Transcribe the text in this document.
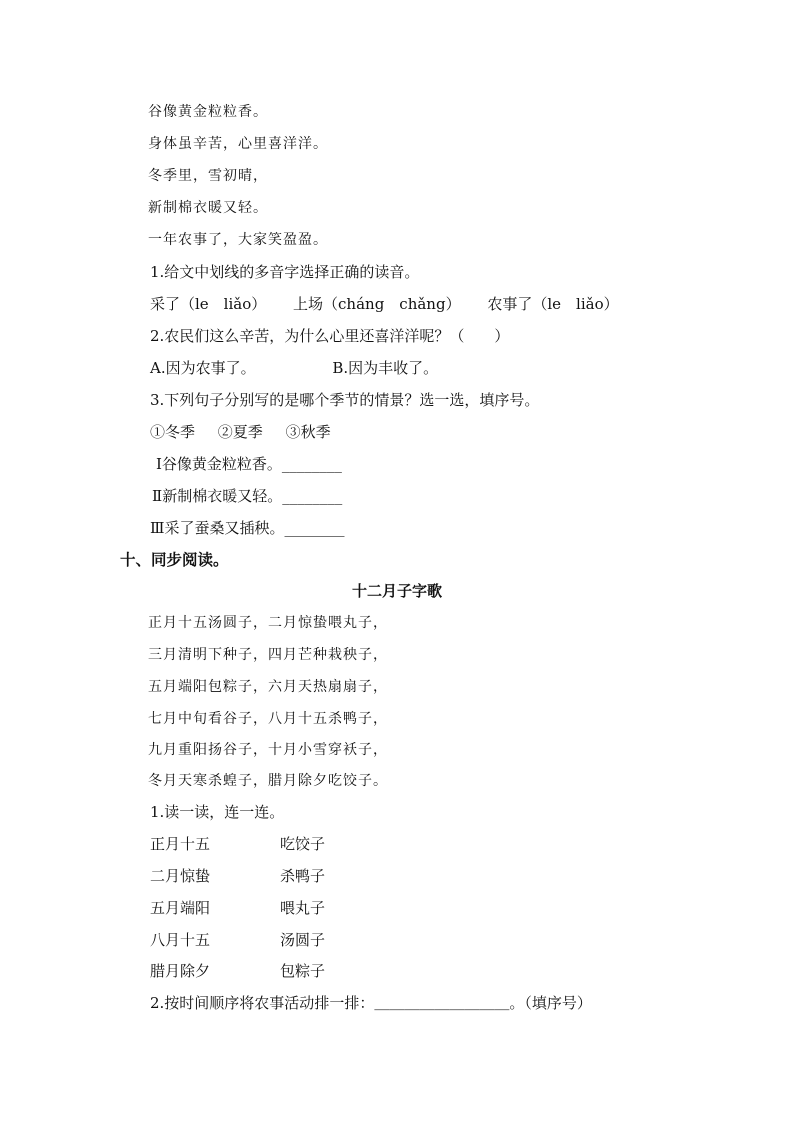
谷像黄金粒粒香。
身体虽辛苦，心里喜洋洋。
冬季里，雪初晴，
新制棉衣暖又轻。
一年农事了，大家笑盈盈。
1.给文中划线的多音字选择正确的读音。
采了（le　liǎo） 上场（cháng　chǎng） 农事了（le　liǎo）
2.农民们这么辛苦，为什么心里还喜洋洋呢？（　　）
A.因为农事了。	B.因为丰收了。
3.下列句子分别写的是哪个季节的情景？选一选，填序号。
①冬季 ②夏季 ③秋季
Ⅰ谷像黄金粒粒香。________
Ⅱ新制棉衣暖又轻。________
Ⅲ采了蚕桑又插秧。________
十、同步阅读。
十二月子字歌
正月十五汤圆子，二月惊蛰喂丸子，
三月清明下种子，四月芒种栽秧子，
五月端阳包粽子，六月天热扇扇子，
七月中旬看谷子，八月十五杀鸭子，
九月重阳扬谷子，十月小雪穿袄子，
冬月天寒杀蝗子，腊月除夕吃饺子。
1.读一读，连一连。
正月十五	吃饺子
二月惊蛰	杀鸭子
五月端阳	喂丸子
八月十五	汤圆子
腊月除夕	包粽子
2.按时间顺序将农事活动排一排：＿＿＿＿＿＿＿＿＿。（填序号）
